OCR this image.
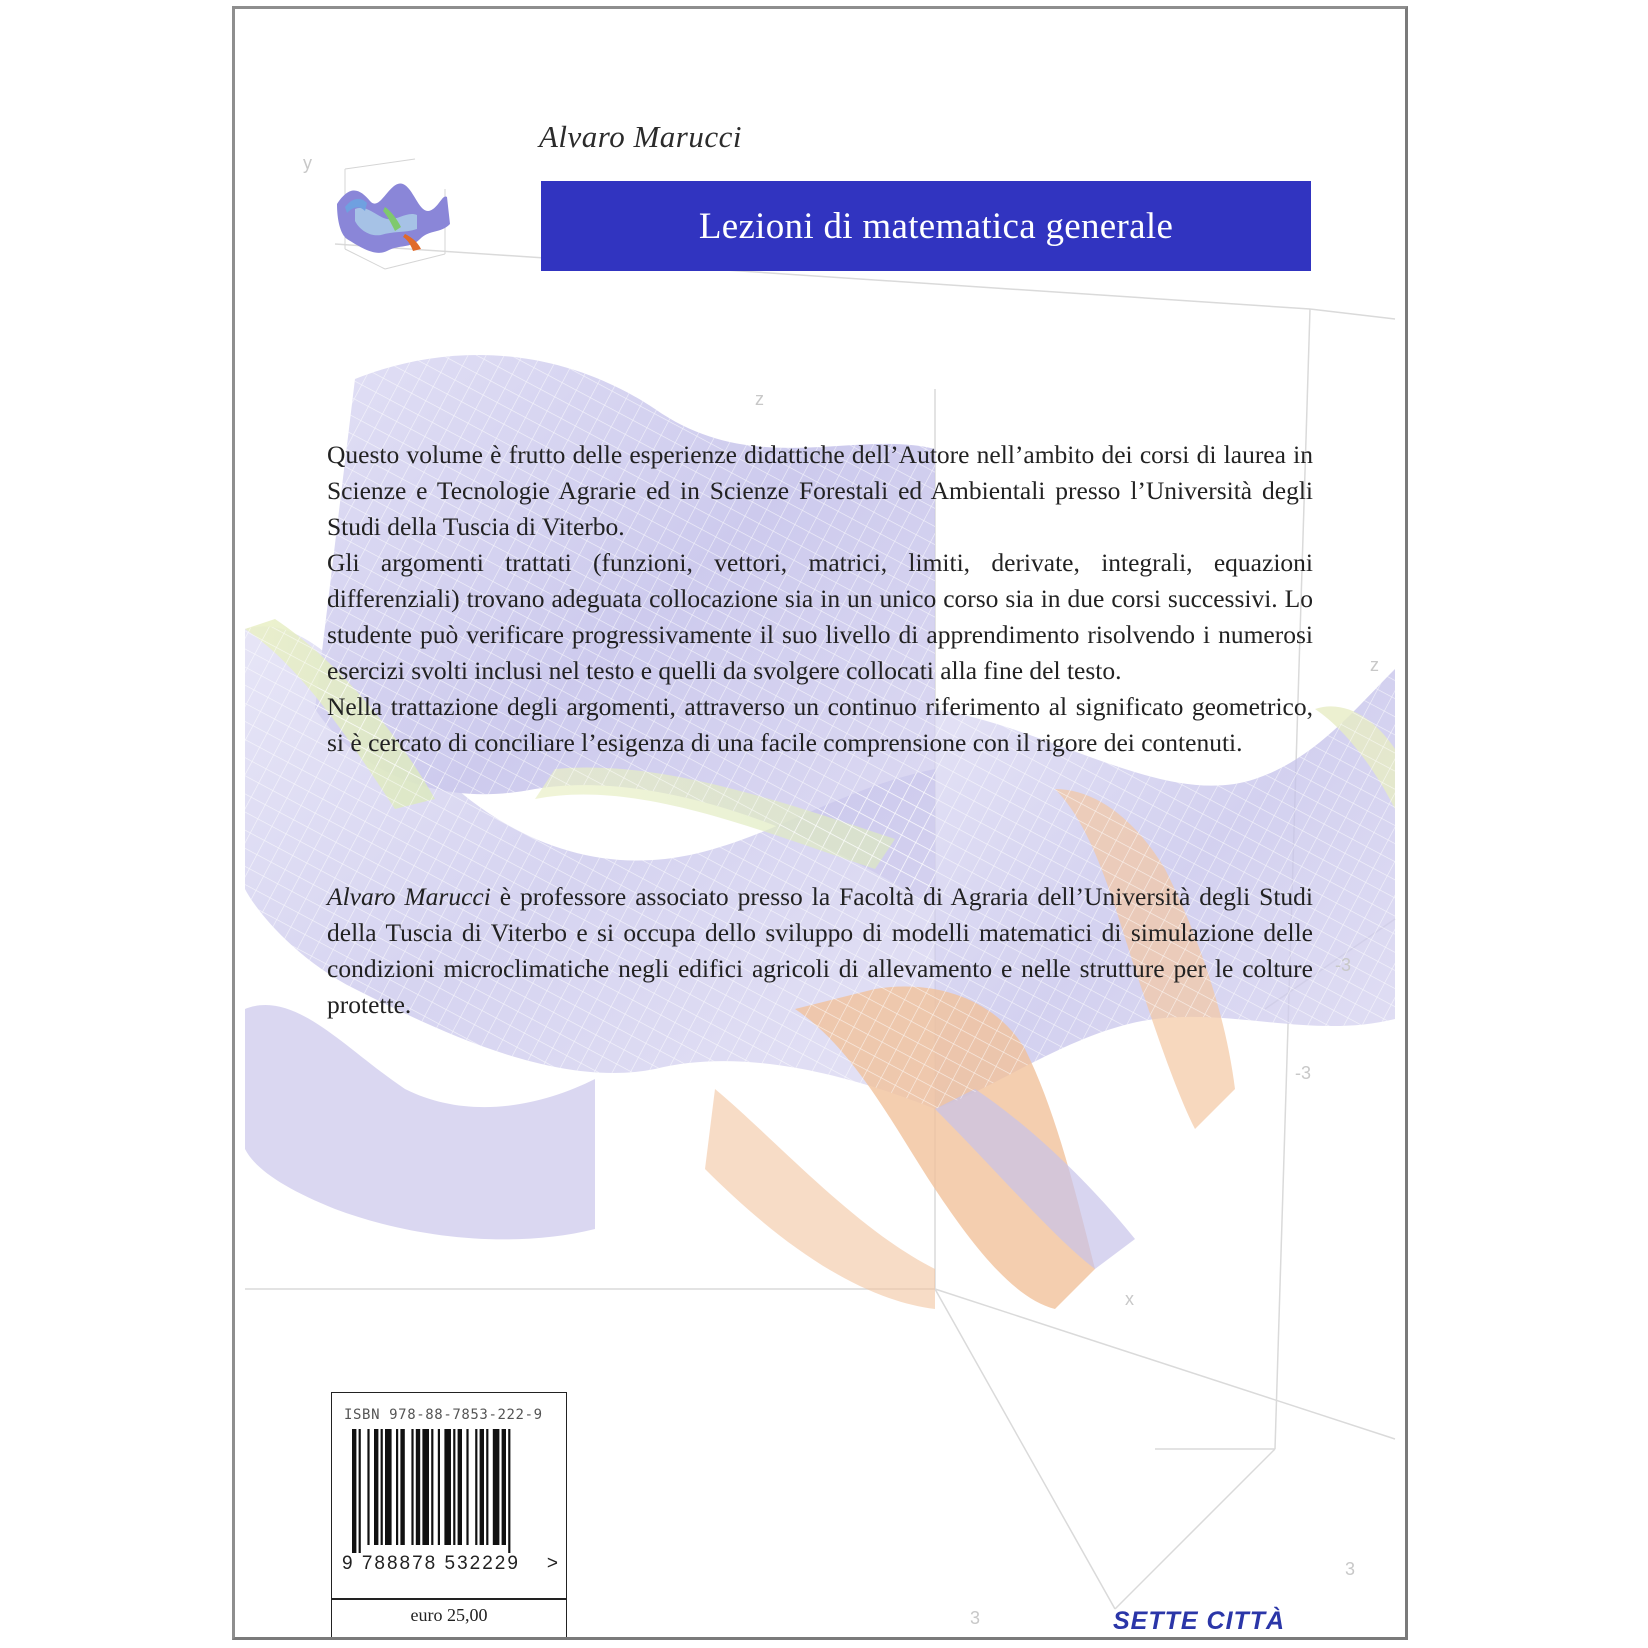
z
z
y
-3
-3
3
3
x
Alvaro Marucci
Lezioni di matematica generale

Questo volume è frutto delle esperienze didattiche dell’Autore nell’ambito dei corsi di laurea in Scienze e Tecnologie Agrarie ed in Scienze Forestali ed Ambientali presso l’Università degli Studi della Tuscia di Viterbo.

Gli argomenti trattati (funzioni, vettori, matrici, limiti, derivate, integrali, equazioni differenziali) trovano adeguata collocazione sia in un unico corso sia in due corsi successivi. Lo studente può verificare progressivamente il suo livello di apprendimento risolvendo i numerosi esercizi svolti inclusi nel testo e quelli da svolgere collocati alla fine del testo.

Nella trattazione degli argomenti, attraverso un continuo riferimento al significato geometrico, si è cercato di conciliare l’esigenza di una facile comprensione con il rigore dei contenuti.

Alvaro Marucci è professore associato presso la Facoltà di Agraria dell’Università degli Studi della Tuscia di Viterbo e si occupa dello sviluppo di modelli matematici di simulazione delle condizioni microclimatiche negli edifici agricoli di allevamento e nelle strutture per le colture protette.

ISBN 978-88-7853-222-9
9 788878 532229 >
euro 25,00	SETTE CITTÀ
